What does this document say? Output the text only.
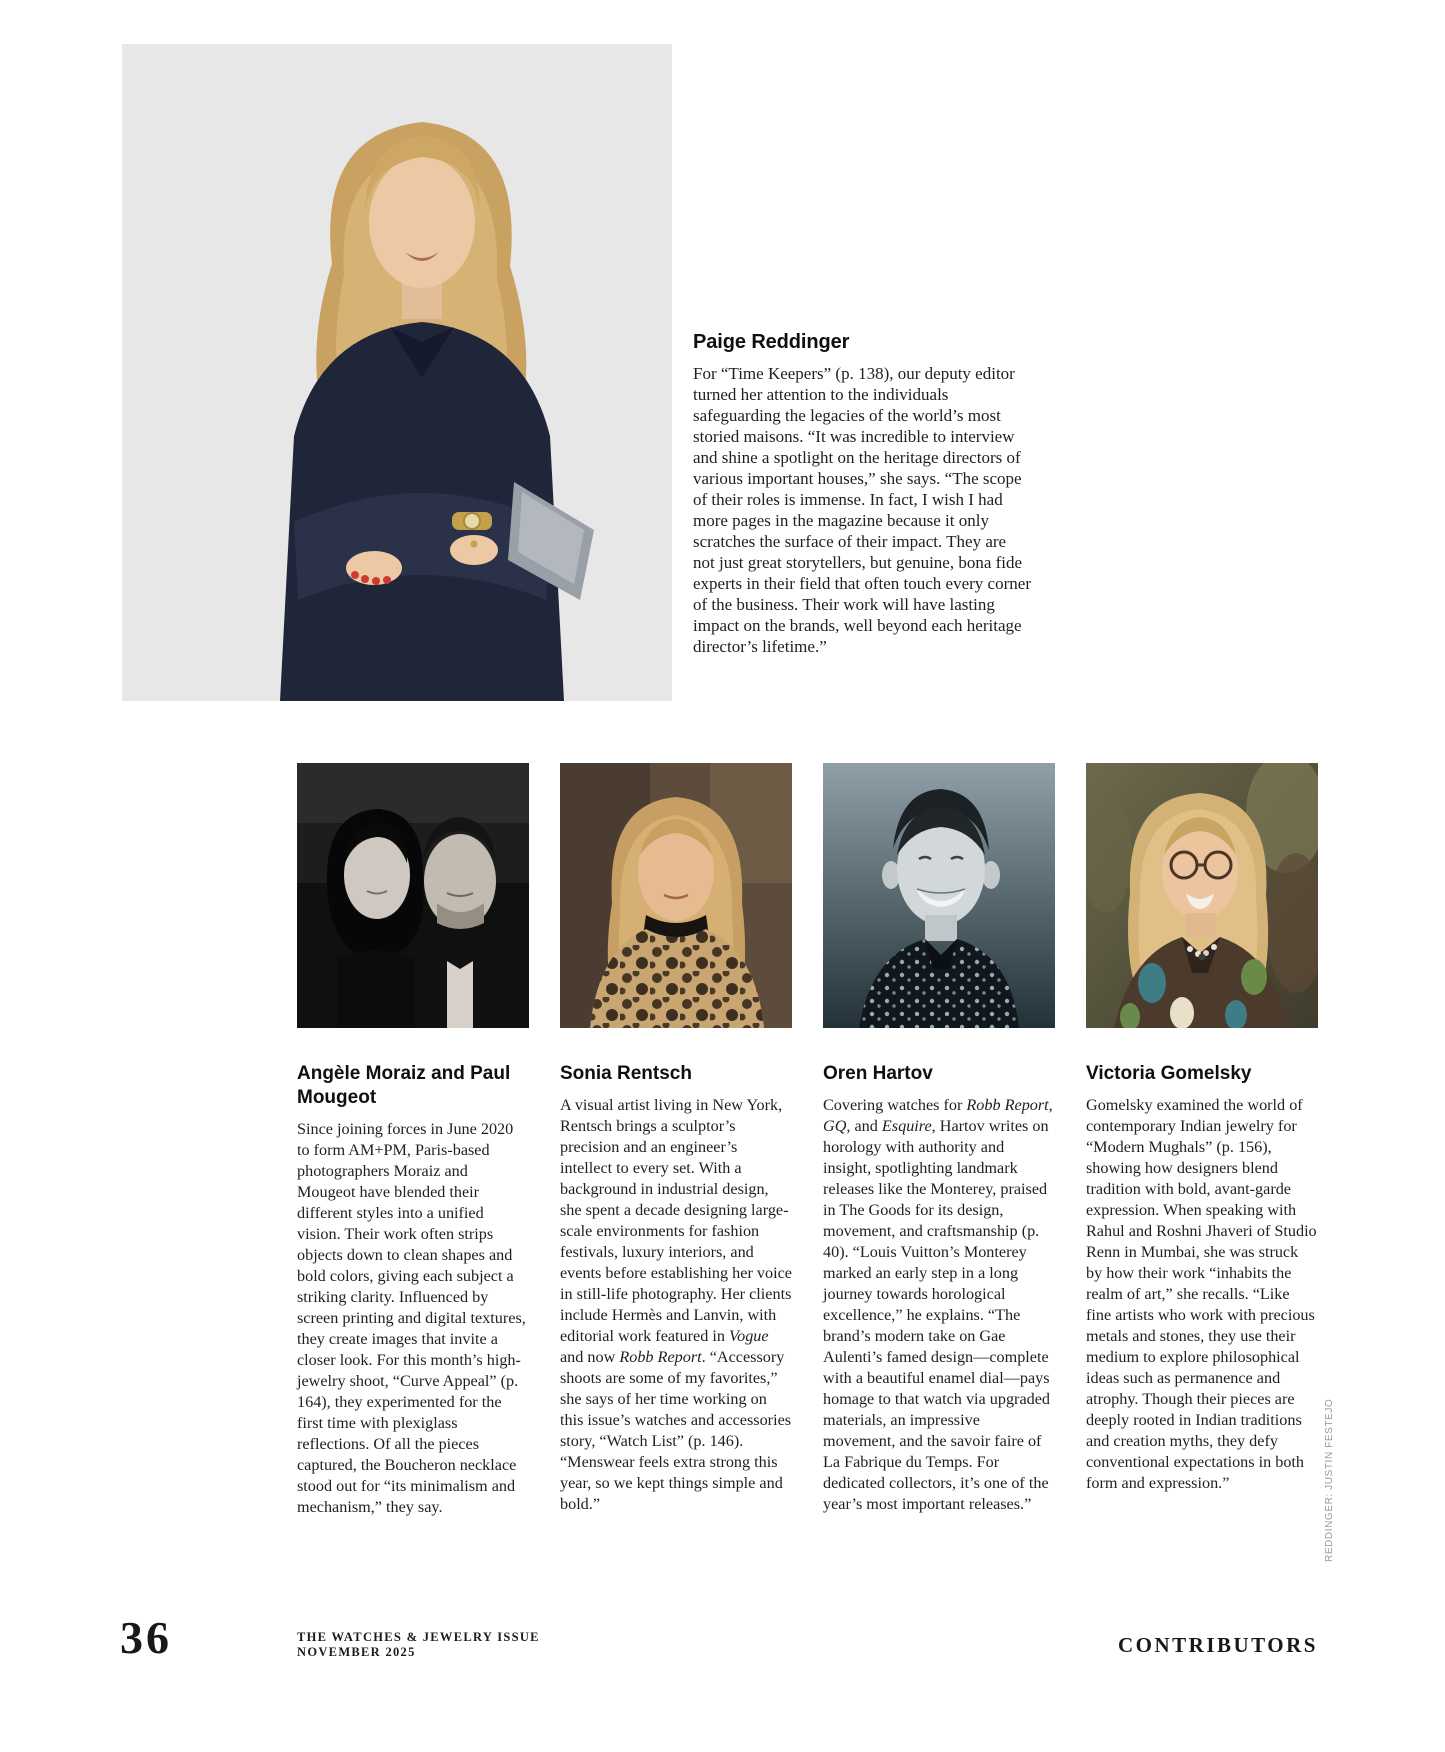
Paige Reddinger

For “Time Keepers” (p. 138), our deputy editor turned her attention to the individuals safeguarding the legacies of the world’s most storied maisons. “It was incredible to interview and shine a spotlight on the heritage directors of various important houses,” she says. “The scope of their roles is immense. In fact, I wish I had more pages in the magazine because it only scratches the surface of their impact. They are not just great storytellers, but genuine, bona fide experts in their field that often touch every corner of the business. Their work will have lasting impact on the brands, well beyond each heritage director’s lifetime.”

Angèle Moraiz and Paul Mougeot

Since joining forces in June 2020 to form AM+PM, Paris-based photographers Moraiz and Mougeot have blended their different styles into a unified vision. Their work often strips objects down to clean shapes and bold colors, giving each subject a striking clarity. Influenced by screen printing and digital textures, they create images that invite a closer look. For this month’s high-jewelry shoot, “Curve Appeal” (p. 164), they experimented for the first time with plexiglass reflections. Of all the pieces captured, the Boucheron necklace stood out for “its minimalism and mechanism,” they say.

Sonia Rentsch

A visual artist living in New York, Rentsch brings a sculptor’s precision and an engineer’s intellect to every set. With a background in industrial design, she spent a decade designing large-scale environments for fashion festivals, luxury interiors, and events before establishing her voice in still-life photography. Her clients include Hermès and Lanvin, with editorial work featured in Vogue and now Robb Report. “Accessory shoots are some of my favorites,” she says of her time working on this issue’s watches and accessories story, “Watch List” (p. 146). “Menswear feels extra strong this year, so we kept things simple and bold.”

Oren Hartov

Covering watches for Robb Report, GQ, and Esquire, Hartov writes on horology with authority and insight, spotlighting landmark releases like the Monterey, praised in The Goods for its design, movement, and craftsmanship (p. 40). “Louis Vuitton’s Monterey marked an early step in a long journey towards horological excellence,” he explains. “The brand’s modern take on Gae Aulenti’s famed design—complete with a beautiful enamel dial—pays homage to that watch via upgraded materials, an impressive movement, and the savoir faire of La Fabrique du Temps. For dedicated collectors, it’s one of the year’s most important releases.”

Victoria Gomelsky

Gomelsky examined the world of contemporary Indian jewelry for “Modern Mughals” (p. 156), showing how designers blend tradition with bold, avant-garde expression. When speaking with Rahul and Roshni Jhaveri of Studio Renn in Mumbai, she was struck by how their work “inhabits the realm of art,” she recalls. “Like fine artists who work with precious metals and stones, they use their medium to explore philosophical ideas such as permanence and atrophy. Though their pieces are deeply rooted in Indian traditions and creation myths, they defy conventional expectations in both form and expression.”

36	THE WATCHES & JEWELRY ISSUE
NOVEMBER 2025	CONTRIBUTORS
REDDINGER: JUSTIN FESTEJO
